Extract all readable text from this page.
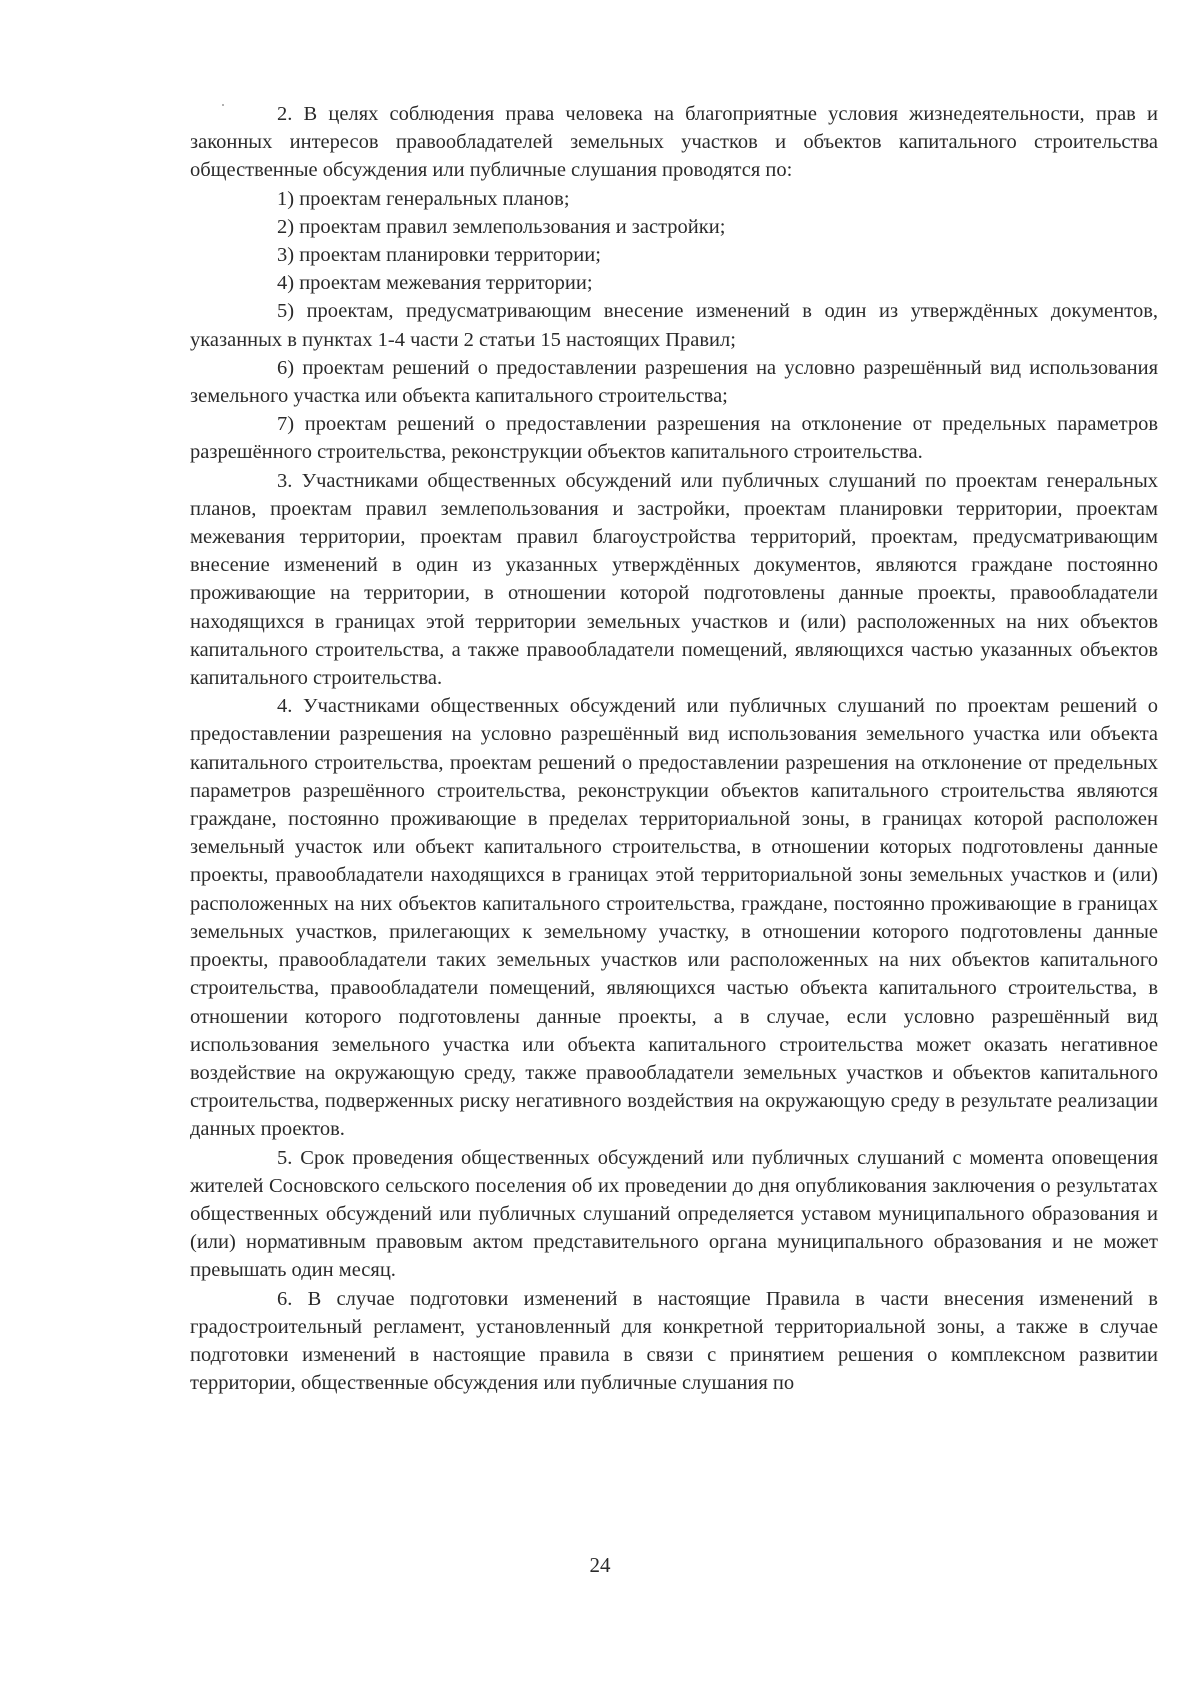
2. В целях соблюдения права человека на благоприятные условия жизнедеятельности, прав и законных интересов правообладателей земельных участков и объектов капитального строительства общественные обсуждения или публичные слушания проводятся по:

1) проектам генеральных планов;

2) проектам правил землепользования и застройки;

3) проектам планировки территории;

4) проектам межевания территории;

5) проектам, предусматривающим внесение изменений в один из утверждённых документов, указанных в пунктах 1-4 части 2 статьи 15 настоящих Правил;

6) проектам решений о предоставлении разрешения на условно разрешённый вид использования земельного участка или объекта капитального строительства;

7) проектам решений о предоставлении разрешения на отклонение от предельных параметров разрешённого строительства, реконструкции объектов капитального строительства.

3. Участниками общественных обсуждений или публичных слушаний по проектам генеральных планов, проектам правил землепользования и застройки, проектам планировки территории, проектам межевания территории, проектам правил благоустройства территорий, проектам, предусматривающим внесение изменений в один из указанных утверждённых документов, являются граждане постоянно проживающие на территории, в отношении которой подготовлены данные проекты, правообладатели находящихся в границах этой территории земельных участков и (или) расположенных на них объектов капитального строительства, а также правообладатели помещений, являющихся частью указанных объектов капитального строительства.

4. Участниками общественных обсуждений или публичных слушаний по проектам решений о предоставлении разрешения на условно разрешённый вид использования земельного участка или объекта капитального строительства, проектам решений о предоставлении разрешения на отклонение от предельных параметров разрешённого строительства, реконструкции объектов капитального строительства являются граждане, постоянно проживающие в пределах территориальной зоны, в границах которой расположен земельный участок или объект капитального строительства, в отношении которых подготовлены данные проекты, правообладатели находящихся в границах этой территориальной зоны земельных участков и (или) расположенных на них объектов капитального строительства, граждане, постоянно проживающие в границах земельных участков, прилегающих к земельному участку, в отношении которого подготовлены данные проекты, правообладатели таких земельных участков или расположенных на них объектов капитального строительства, правообладатели помещений, являющихся частью объекта капитального строительства, в отношении которого подготовлены данные проекты, а в случае, если условно разрешённый вид использования земельного участка или объекта капитального строительства может оказать негативное воздействие на окружающую среду, также правообладатели земельных участков и объектов капитального строительства, подверженных риску негативного воздействия на окружающую среду в результате реализации данных проектов.

5. Срок проведения общественных обсуждений или публичных слушаний с момента оповещения жителей Сосновского сельского поселения об их проведении до дня опубликования заключения о результатах общественных обсуждений или публичных слушаний определяется уставом муниципального образования и (или) нормативным правовым актом представительного органа муниципального образования и не может превышать один месяц.

6. В случае подготовки изменений в настоящие Правила в части внесения изменений в градостроительный регламент, установленный для конкретной территориальной зоны, а также в случае подготовки изменений в настоящие правила в связи с принятием решения о комплексном развитии территории, общественные обсуждения или публичные слушания по

24
